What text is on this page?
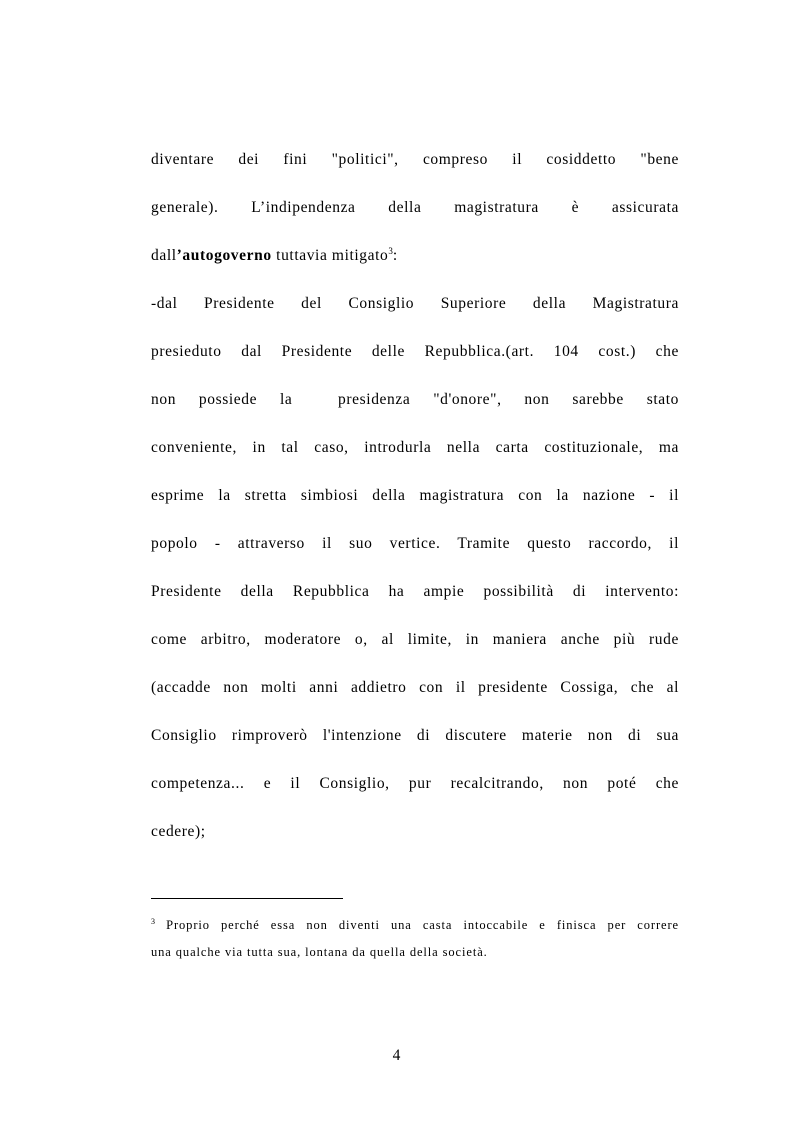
diventare dei fini "politici", compreso il cosiddetto "bene
generale). L’indipendenza della magistratura è assicurata
dall’autogoverno tuttavia mitigato$^3$:
-dal Presidente del Consiglio Superiore della Magistratura
presieduto dal Presidente delle Repubblica.(art. 104 cost.) che
non possiede la  presidenza "d'onore", non sarebbe stato
conveniente, in tal caso, introdurla nella carta costituzionale, ma
esprime la stretta simbiosi della magistratura con la nazione - il
popolo - attraverso il suo vertice. Tramite questo raccordo, il
Presidente della Repubblica ha ampie possibilità di intervento:
come arbitro, moderatore o, al limite, in maniera anche più rude
(accadde non molti anni addietro con il presidente Cossiga, che al
Consiglio rimproverò l'intenzione di discutere materie non di sua
competenza... e il Consiglio, pur recalcitrando, non poté che
cedere);
$^3$ Proprio perché essa non diventi una casta intoccabile e finisca per correre
una qualche via tutta sua, lontana da quella della società.
4
